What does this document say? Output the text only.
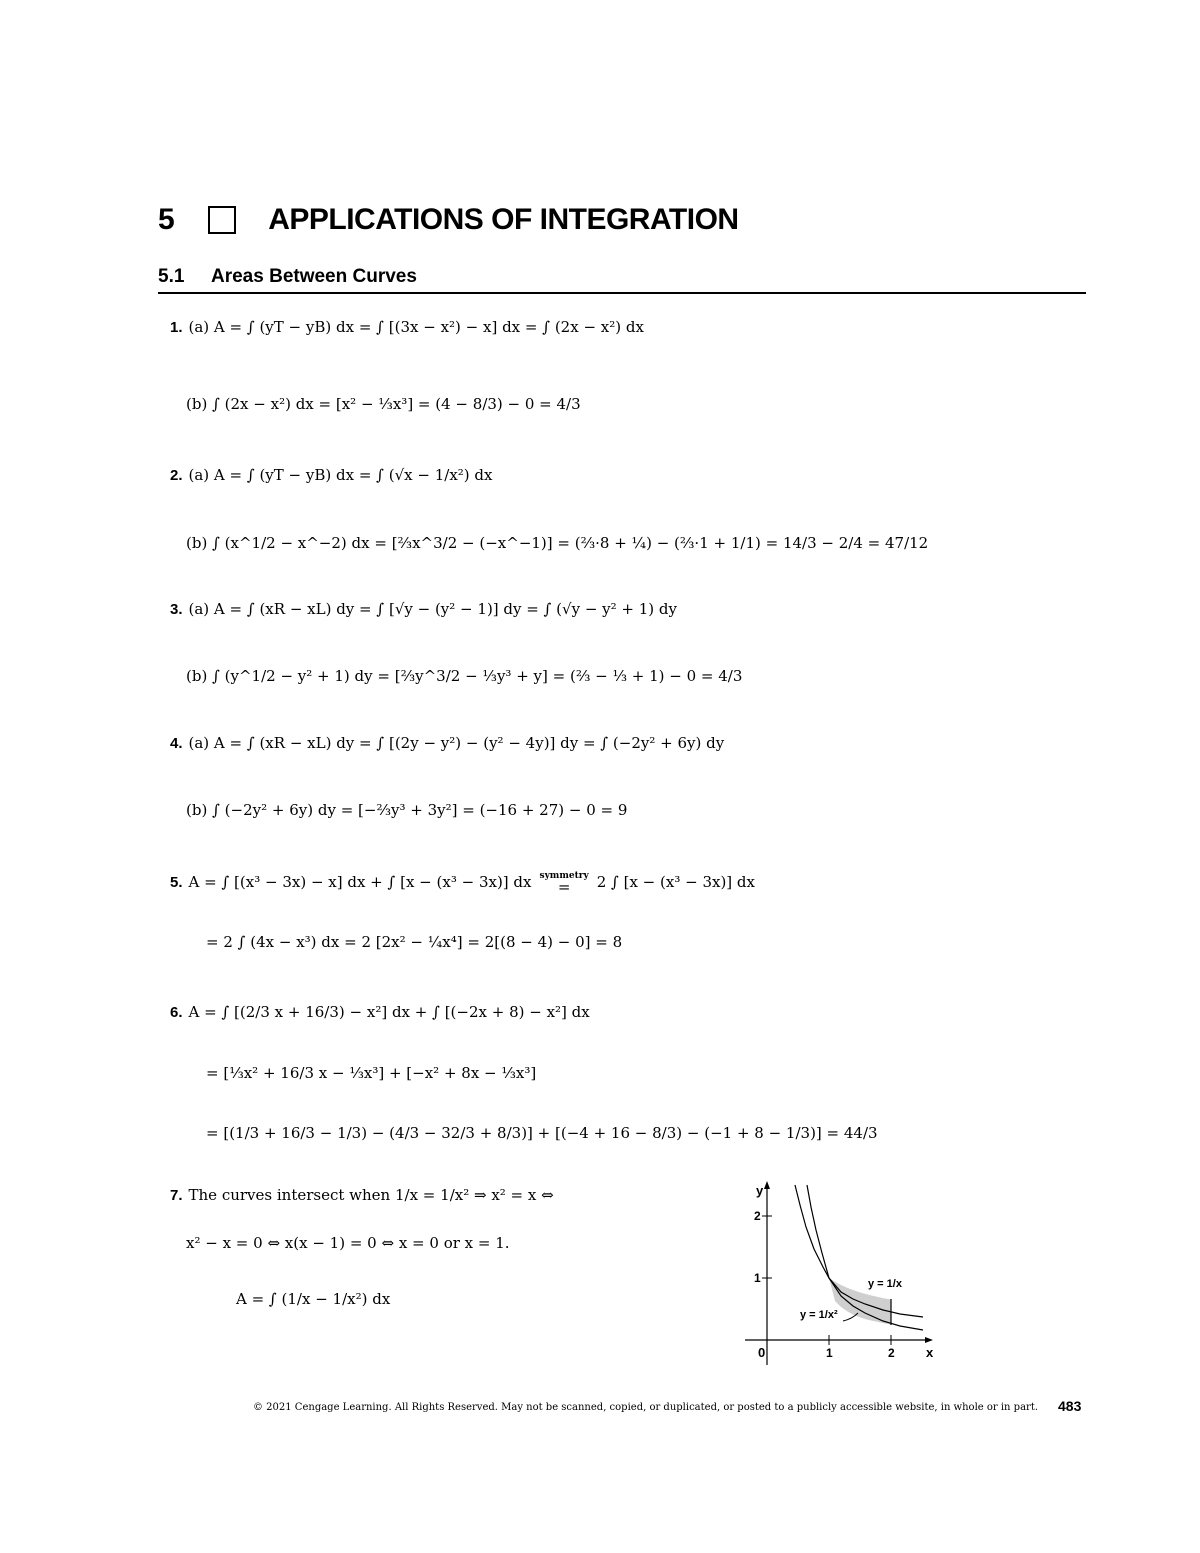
5	APPLICATIONS OF INTEGRATION
5.1 Areas Between Curves
1. (a) A = ∫ (yT − yB) dx = ∫ [(3x − x²) − x] dx = ∫ (2x − x²) dx
(b) ∫ (2x − x²) dx = [x² − ⅓x³] = (4 − 8/3) − 0 = 4/3
2. (a) A = ∫ (yT − yB) dx = ∫ (√x − 1/x²) dx
(b) ∫ (x^1/2 − x^−2) dx = [⅔x^3/2 − (−x^−1)] = (⅔·8 + ¼) − (⅔·1 + 1/1) = 14/3 − 2/4 = 47/12
3. (a) A = ∫ (xR − xL) dy = ∫ [√y − (y² − 1)] dy = ∫ (√y − y² + 1) dy
(b) ∫ (y^1/2 − y² + 1) dy = [⅔y^3/2 − ⅓y³ + y] = (⅔ − ⅓ + 1) − 0 = 4/3
4. (a) A = ∫ (xR − xL) dy = ∫ [(2y − y²) − (y² − 4y)] dy = ∫ (−2y² + 6y) dy
(b) ∫ (−2y² + 6y) dy = [−⅔y³ + 3y²] = (−16 + 27) − 0 = 9
5. A = ∫ [(x³ − 3x) − x] dx + ∫ [x − (x³ − 3x)] dx symmetry
= 2 ∫ [x − (x³ − 3x)] dx
= 2 ∫ (4x − x³) dx = 2 [2x² − ¼x⁴] = 2[(8 − 4) − 0] = 8
6. A = ∫ [(2/3 x + 16/3) − x²] dx + ∫ [(−2x + 8) − x²] dx
= [⅓x² + 16/3 x − ⅓x³] + [−x² + 8x − ⅓x³]
= [(1/3 + 16/3 − 1/3) − (4/3 − 32/3 + 8/3)] + [(−4 + 16 − 8/3) − (−1 + 8 − 1/3)] = 44/3
7. The curves intersect when 1/x = 1/x² ⇒ x² = x ⇔
x² − x = 0 ⇔ x(x − 1) = 0 ⇔ x = 0 or x = 1.
A = ∫ (1/x − 1/x²) dx
y
x
0
1
2
1	2
y = 1/x
y = 1/x²
© 2021 Cengage Learning. All Rights Reserved. May not be scanned, copied, or duplicated, or posted to a publicly accessible website, in whole or in part. 483
